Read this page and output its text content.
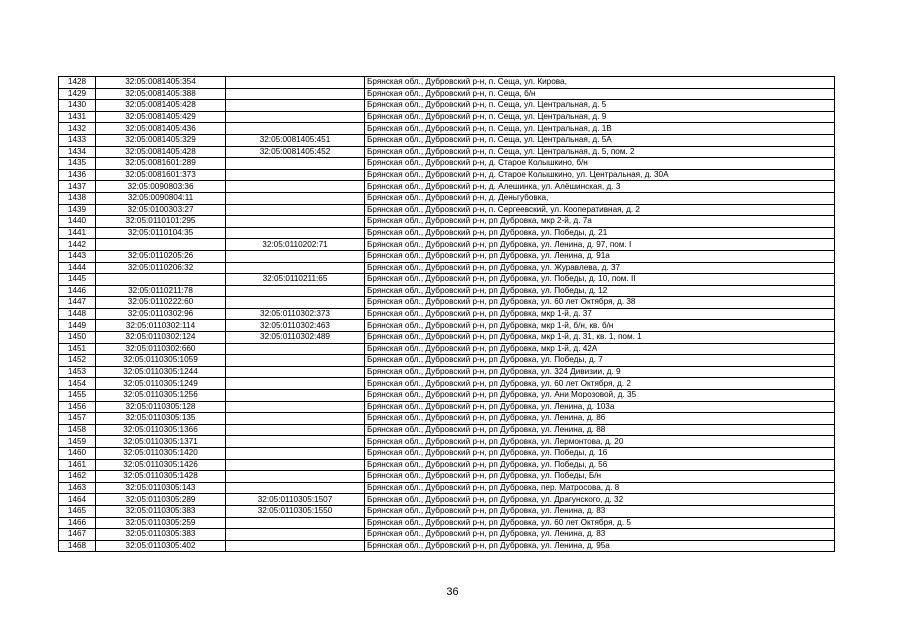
1428	32:05:0081405:354		Брянская обл., Дубровский р-н, п. Сеща, ул. Кирова,
1429	32:05:0081405:388		Брянская обл., Дубровский р-н, п. Сеща, б/н
1430	32:05:0081405:428		Брянская обл., Дубровский р-н, п. Сеща, ул. Центральная, д. 5
1431	32:05:0081405:429		Брянская обл., Дубровский р-н, п. Сеща, ул. Центральная, д. 9
1432	32:05:0081405:436		Брянская обл., Дубровский р-н, п. Сеща, ул. Центральная, д. 1В
1433	32:05:0081405:329	32:05:0081405:451	Брянская обл., Дубровский р-н, п. Сеща, ул. Центральная, д. 5А
1434	32:05:0081405:428	32:05:0081405:452	Брянская обл., Дубровский р-н, п. Сеща, ул. Центральная, д. 5, пом. 2
1435	32:05:0081601:289		Брянская обл., Дубровский р-н, д. Старое Колышкино, б/н
1436	32:05:0081601:373		Брянская обл., Дубровский р-н, д. Старое Колышкино, ул. Центральная, д. 30А
1437	32:05:0090803:36		Брянская обл., Дубровский р-н, д. Алешинка, ул. Алёшинская, д. 3
1438	32:05:0090804:11		Брянская обл., Дубровский р-н, д. Деньгубовка,
1439	32:05:0100303:27		Брянская обл., Дубровский р-н, п. Сергеевский, ул. Кооперативная, д. 2
1440	32:05:0110101:295		Брянская обл., Дубровский р-н, рп Дубровка, мкр 2-й, д. 7а
1441	32:05:0110104:35		Брянская обл., Дубровский р-н, рп Дубровка, ул. Победы, д. 21
1442		32:05:0110202:71	Брянская обл., Дубровский р-н, рп Дубровка, ул. Ленина, д. 97, пом. I
1443	32:05:0110205:26		Брянская обл., Дубровский р-н, рп Дубровка, ул. Ленина, д. 91а
1444	32:05:0110206:32		Брянская обл., Дубровский р-н, рп Дубровка, ул. Журавлева, д. 37
1445		32:05:0110211:65	Брянская обл., Дубровский р-н, рп Дубровка, ул. Победы, д. 10, пом. II
1446	32:05:0110211:78		Брянская обл., Дубровский р-н, рп Дубровка, ул. Победы, д. 12
1447	32:05:0110222:60		Брянская обл., Дубровский р-н, рп Дубровка, ул. 60 лет Октября, д. 38
1448	32:05:0110302:96	32:05:0110302:373	Брянская обл., Дубровский р-н, рп Дубровка, мкр 1-й, д. 37
1449	32:05:0110302:114	32:05:0110302:463	Брянская обл., Дубровский р-н, рп Дубровка, мкр 1-й, б/н, кв. б/н
1450	32:05:0110302:124	32:05:0110302:489	Брянская обл., Дубровский р-н, рп Дубровка, мкр 1-й, д. 31, кв. 1, пом. 1
1451	32:05:0110302:660		Брянская обл., Дубровский р-н, рп Дубровка, мкр 1-й, д. 42А
1452	32:05:0110305:1059		Брянская обл., Дубровский р-н, рп Дубровка, ул. Победы, д. 7
1453	32:05:0110305:1244		Брянская обл., Дубровский р-н, рп Дубровка, ул. 324 Дивизии, д. 9
1454	32:05:0110305:1249		Брянская обл., Дубровский р-н, рп Дубровка, ул. 60 лет Октября, д. 2
1455	32:05:0110305:1256		Брянская обл., Дубровский р-н, рп Дубровка, ул. Ани Морозовой, д. 35
1456	32:05:0110305:128		Брянская обл., Дубровский р-н, рп Дубровка, ул. Ленина, д. 103а
1457	32:05:0110305:135		Брянская обл., Дубровский р-н, рп Дубровка, ул. Ленина, д. 86
1458	32:05:0110305:1366		Брянская обл., Дубровский р-н, рп Дубровка, ул. Ленина, д. 88
1459	32:05:0110305:1371		Брянская обл., Дубровский р-н, рп Дубровка, ул. Лермонтова, д. 20
1460	32:05:0110305:1420		Брянская обл., Дубровский р-н, рп Дубровка, ул. Победы, д. 16
1461	32:05:0110305:1426		Брянская обл., Дубровский р-н, рп Дубровка, ул. Победы, д. 56
1462	32:05:0110305:1428		Брянская обл., Дубровский р-н, рп Дубровка, ул. Победы, Б/н
1463	32:05:0110305:143		Брянская обл., Дубровский р-н, рп Дубровка, пер. Матросова, д. 8
1464	32:05:0110305:289	32:05:0110305:1507	Брянская обл., Дубровский р-н, рп Дубровка, ул. Драгунского, д. 32
1465	32:05:0110305:383	32:05:0110305:1550	Брянская обл., Дубровский р-н, рп Дубровка, ул. Ленина, д. 83
1466	32:05:0110305:259		Брянская обл., Дубровский р-н, рп Дубровка, ул. 60 лет Октября, д. 5
1467	32:05:0110305:383		Брянская обл., Дубровский р-н, рп Дубровка, ул. Ленина, д. 83
1468	32:05:0110305:402		Брянская обл., Дубровский р-н, рп Дубровка, ул. Ленина, д. 95а
36
